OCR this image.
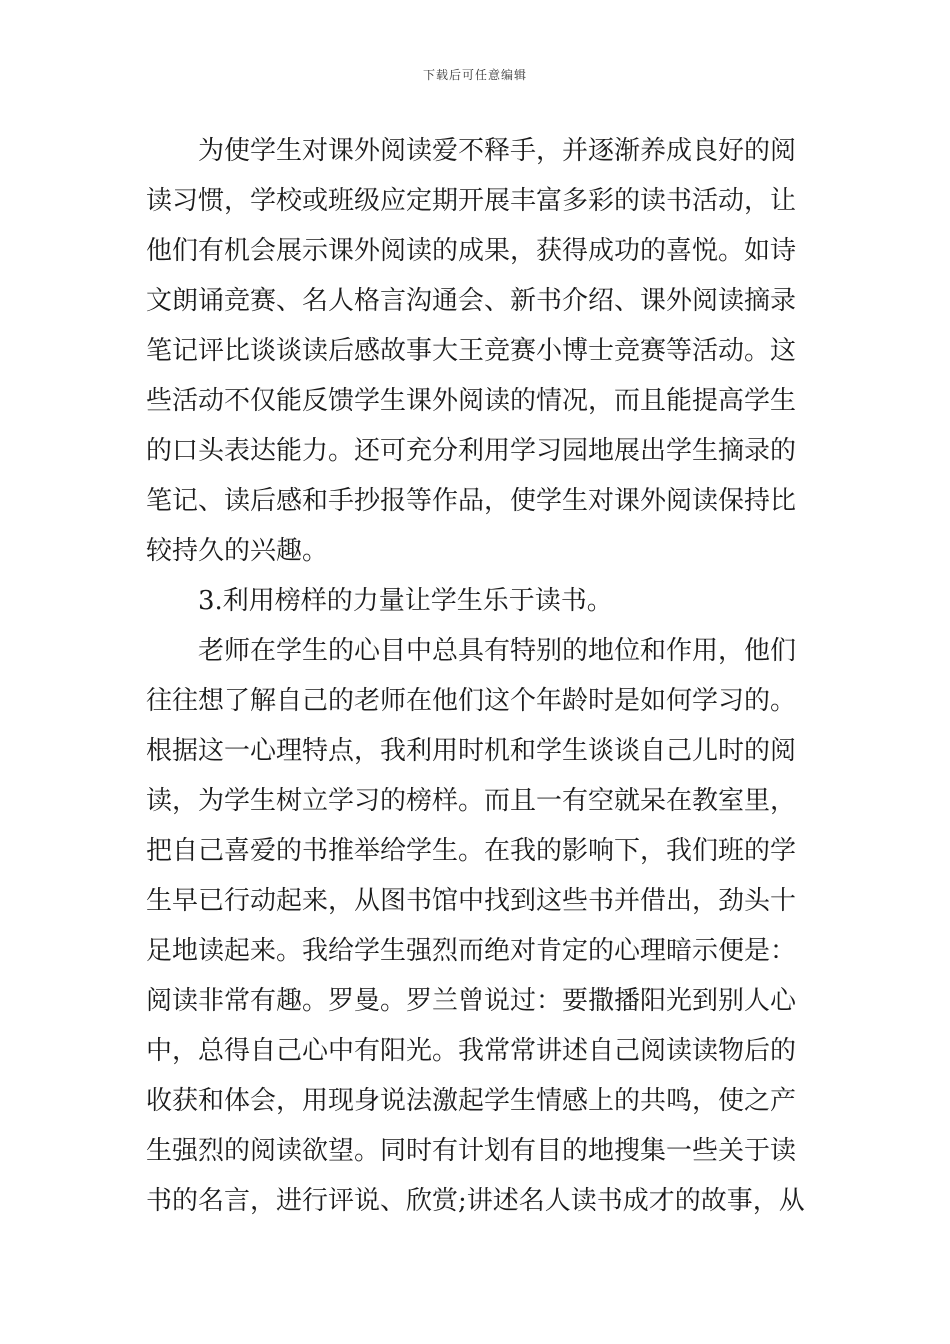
下载后可任意编辑
为使学生对课外阅读爱不释手，并逐渐养成良好的阅
读习惯，学校或班级应定期开展丰富多彩的读书活动，让
他们有机会展示课外阅读的成果，获得成功的喜悦。如诗
文朗诵竞赛、名人格言沟通会、新书介绍、课外阅读摘录
笔记评比谈谈读后感故事大王竞赛小博士竞赛等活动。这
些活动不仅能反馈学生课外阅读的情况，而且能提高学生
的口头表达能力。还可充分利用学习园地展出学生摘录的
笔记、读后感和手抄报等作品，使学生对课外阅读保持比
较持久的兴趣。
3.利用榜样的力量让学生乐于读书。
老师在学生的心目中总具有特别的地位和作用，他们
往往想了解自己的老师在他们这个年龄时是如何学习的。
根据这一心理特点，我利用时机和学生谈谈自己儿时的阅
读，为学生树立学习的榜样。而且一有空就呆在教室里，
把自己喜爱的书推举给学生。在我的影响下，我们班的学
生早已行动起来，从图书馆中找到这些书并借出，劲头十
足地读起来。我给学生强烈而绝对肯定的心理暗示便是：
阅读非常有趣。罗曼。罗兰曾说过：要撒播阳光到别人心
中，总得自己心中有阳光。我常常讲述自己阅读读物后的
收获和体会，用现身说法激起学生情感上的共鸣，使之产
生强烈的阅读欲望。同时有计划有目的地搜集一些关于读
书的名言，进行评说、欣赏;讲述名人读书成才的故事，从
